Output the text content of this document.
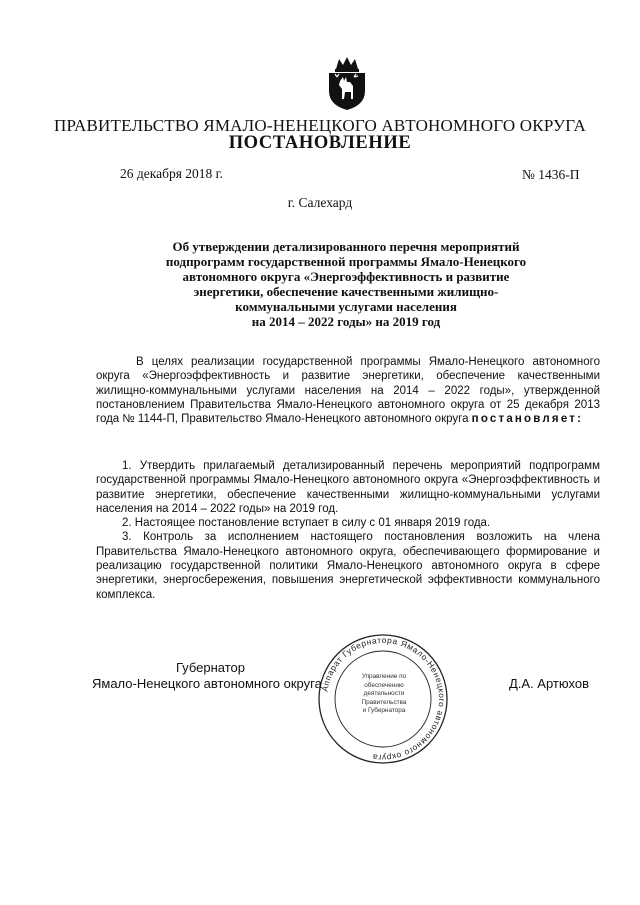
ПРАВИТЕЛЬСТВО ЯМАЛО-НЕНЕЦКОГО АВТОНОМНОГО ОКРУГА
ПОСТАНОВЛЕНИЕ
26 декабря 2018 г.	№ 1436-П
г. Салехард
Об утверждении детализированного перечня мероприятий
подпрограмм государственной программы Ямало-Ненецкого
автономного округа «Энергоэффективность и развитие
энергетики, обеспечение качественными жилищно-
коммунальными услугами населения
на 2014 – 2022 годы» на 2019 год

В целях реализации государственной программы Ямало-Ненецкого автономного округа «Энергоэффективность и развитие энергетики, обеспечение качественными жилищно-коммунальными услугами населения на 2014 – 2022 годы», утвержденной постановлением Правительства Ямало-Ненецкого автономного округа от 25 декабря 2013 года № 1144-П, Правительство Ямало-Ненецкого автономного округа постановляет:

1. Утвердить прилагаемый детализированный перечень мероприятий подпрограмм государственной программы Ямало-Ненецкого автономного округа «Энергоэффективность и развитие энергетики, обеспечение качественными жилищно-коммунальными услугами населения на 2014 – 2022 годы» на 2019 год.
2. Настоящее постановление вступает в силу с 01 января 2019 года.
3. Контроль за исполнением настоящего постановления возложить на члена Правительства Ямало-Ненецкого автономного округа, обеспечивающего формирование и реализацию государственной политики Ямало-Ненецкого автономного округа в сфере энергетики, энергосбережения, повышения энергетической эффективности коммунального комплекса.
Аппарат Губернатора Ямало-Ненецкого автономного округа
Управление по
обеспечению
деятельности
Правительства
и Губернатора
Губернатор
Ямало-Ненецкого автономного округа	Д.А. Артюхов
